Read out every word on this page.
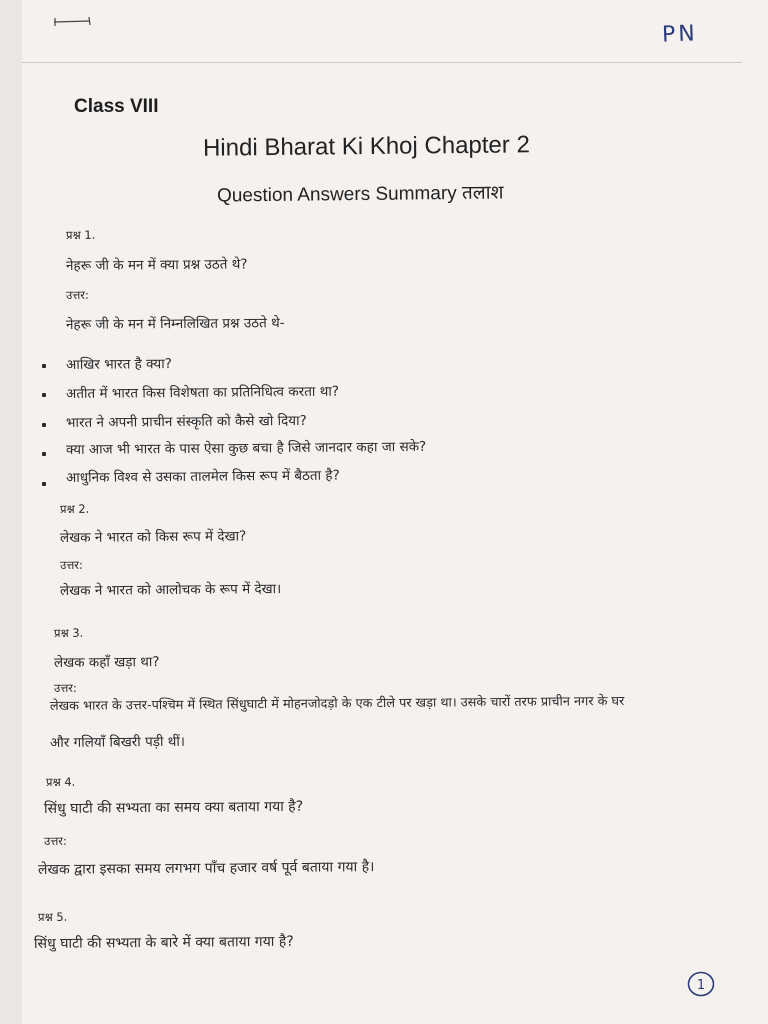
PN
Class VIII
Hindi Bharat Ki Khoj Chapter 2
Question Answers Summary तलाश
प्रश्न 1.
नेहरू जी के मन में क्या प्रश्न उठते थे?
उत्तर:
नेहरू जी के मन में निम्नलिखित प्रश्न उठते थे-
आखिर भारत है क्या?
अतीत में भारत किस विशेषता का प्रतिनिधित्व करता था?
भारत ने अपनी प्राचीन संस्कृति को कैसे खो दिया?
क्या आज भी भारत के पास ऐसा कुछ बचा है जिसे जानदार कहा जा सके?
आधुनिक विश्व से उसका तालमेल किस रूप में बैठता है?
प्रश्न 2.
लेखक ने भारत को किस रूप में देखा?
उत्तर:
लेखक ने भारत को आलोचक के रूप में देखा।
प्रश्न 3.
लेखक कहाँ खड़ा था?
उत्तर:
लेखक भारत के उत्तर-पश्चिम में स्थित सिंधुघाटी में मोहनजोदड़ो के एक टीले पर खड़ा था। उसके चारों तरफ प्राचीन नगर के घर
और गलियाँ बिखरी पड़ी थीं।
प्रश्न 4.
सिंधु घाटी की सभ्यता का समय क्या बताया गया है?
उत्तर:
लेखक द्वारा इसका समय लगभग पाँच हजार वर्ष पूर्व बताया गया है।
प्रश्न 5.
सिंधु घाटी की सभ्यता के बारे में क्या बताया गया है?
1
